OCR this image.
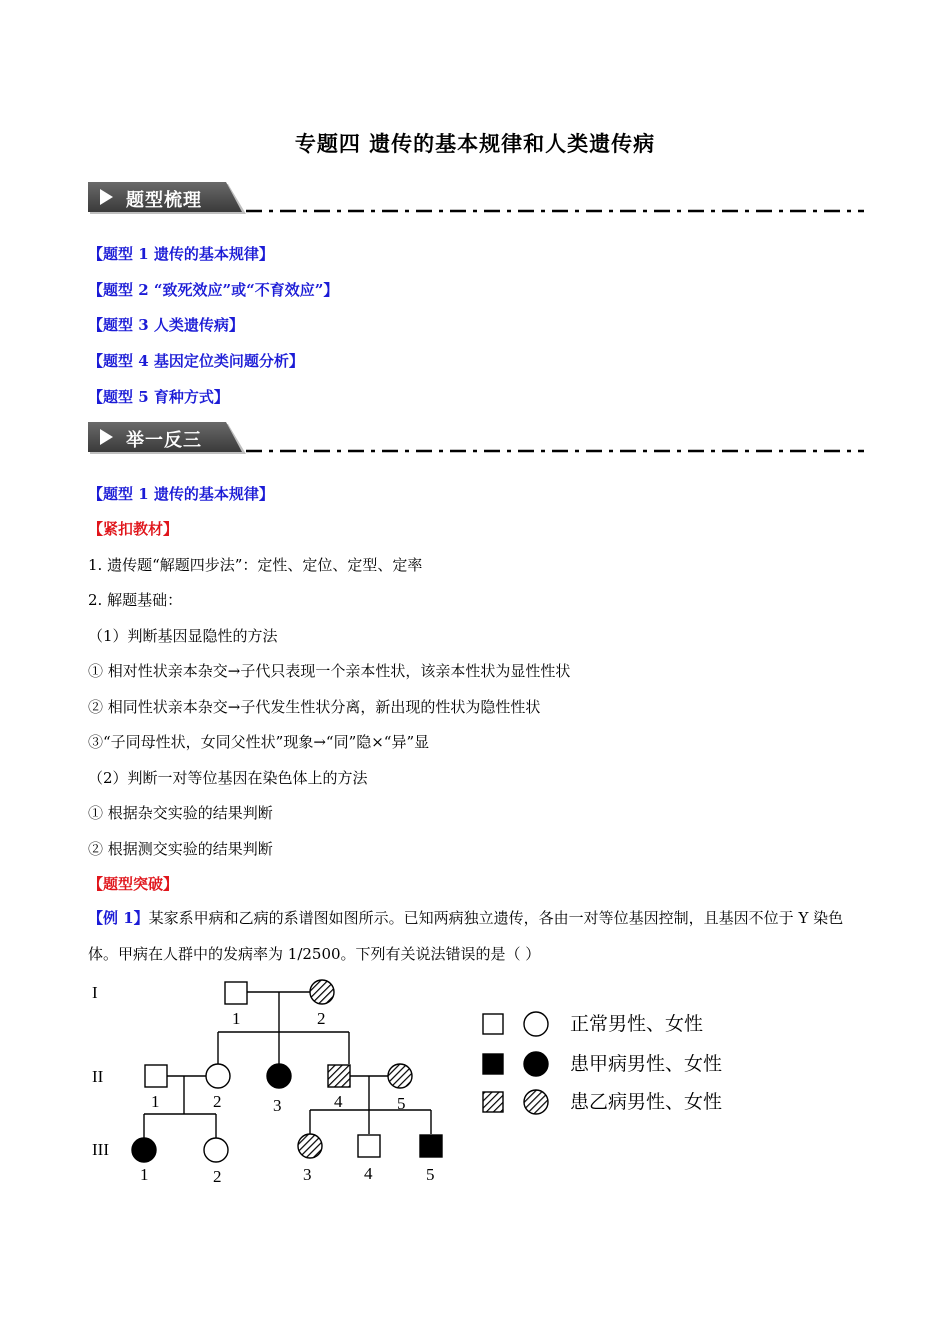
专题四 遗传的基本规律和人类遗传病
题型梳理
【题型 1 遗传的基本规律】
【题型 2 “致死效应”或“不育效应”】
【题型 3 人类遗传病】
【题型 4 基因定位类问题分析】
【题型 5 育种方式】
举一反三
【题型 1 遗传的基本规律】
【紧扣教材】
1. 遗传题“解题四步法”：定性、定位、定型、定率
2. 解题基础：
（1）判断基因显隐性的方法
① 相对性状亲本杂交→子代只表现一个亲本性状，该亲本性状为显性性状
② 相同性状亲本杂交→子代发生性状分离，新出现的性状为隐性性状
③“子同母性状，女同父性状”现象→“同”隐×“异”显
（2）判断一对等位基因在染色体上的方法
① 根据杂交实验的结果判断
② 根据测交实验的结果判断
【题型突破】
【例 1】某家系甲病和乙病的系谱图如图所示。已知两病独立遗传，各由一对等位基因控制，且基因不位于 Y 染色体。甲病在人群中的发病率为 1/2500。下列有关说法错误的是（ ）
I
II
III
1	2
1	2	3	4	5
1	2	3	4	5
正常男性、女性
患甲病男性、女性
患乙病男性、女性
